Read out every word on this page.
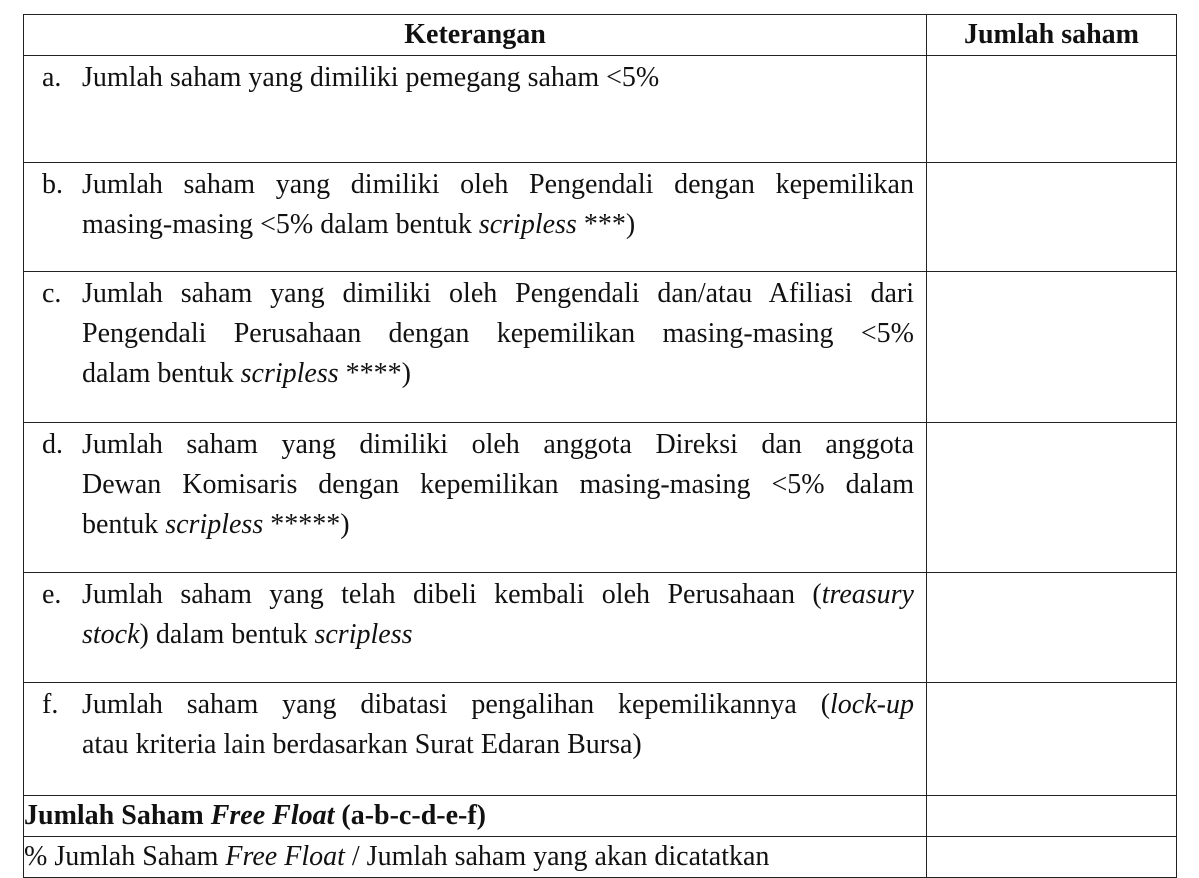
Keterangan	Jumlah saham

a. Jumlah saham yang dimiliki pemegang saham <5%	

b. Jumlah saham yang dimiliki oleh Pengendali dengan kepemilikan
masing-masing <5% dalam bentuk scripless ***)	

c. Jumlah saham yang dimiliki oleh Pengendali dan/atau Afiliasi dari
Pengendali Perusahaan dengan kepemilikan masing-masing <5%
dalam bentuk scripless ****)	

d. Jumlah saham yang dimiliki oleh anggota Direksi dan anggota
Dewan Komisaris dengan kepemilikan masing-masing <5% dalam
bentuk scripless *****)	

e. Jumlah saham yang telah dibeli kembali oleh Perusahaan (treasury
stock) dalam bentuk scripless	

f. Jumlah saham yang dibatasi pengalihan kepemilikannya (lock-up
atau kriteria lain berdasarkan Surat Edaran Bursa)	

Jumlah Saham Free Float (a-b-c-d-e-f)	
% Jumlah Saham Free Float / Jumlah saham yang akan dicatatkan	
